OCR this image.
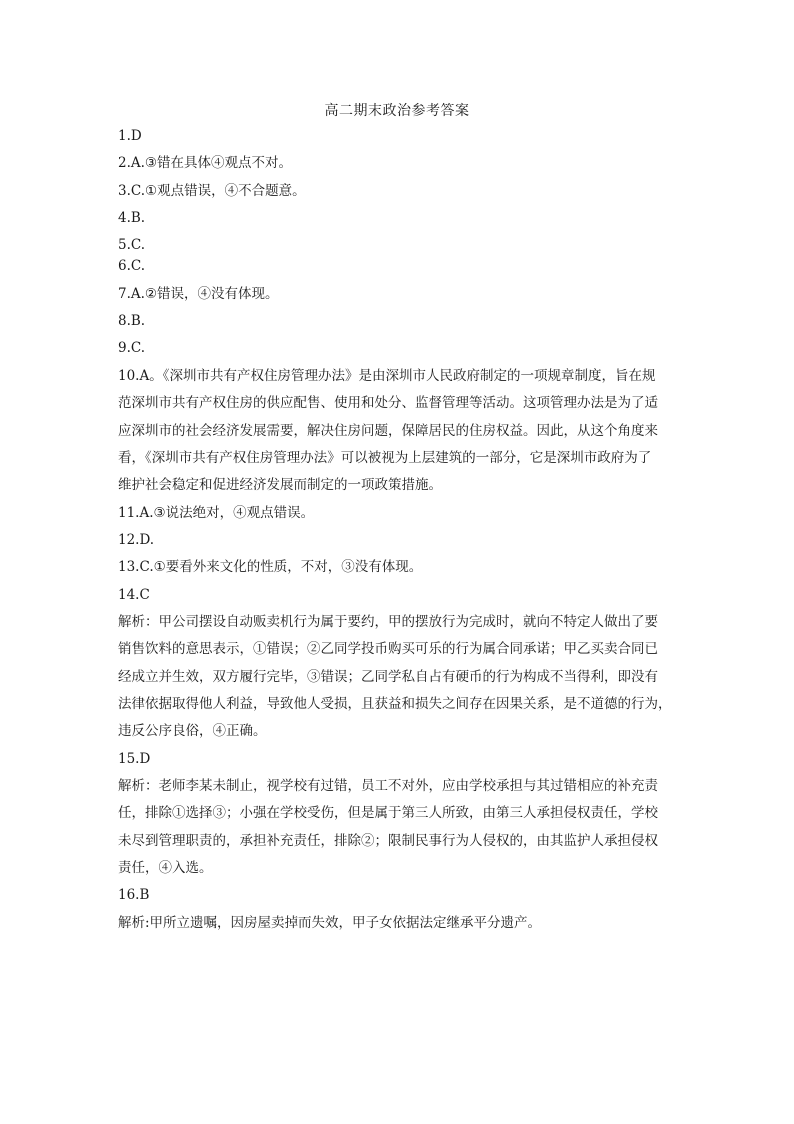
高二期末政治参考答案
1.D
2.A.③错在具体④观点不对。
3.C.①观点错误，④不合题意。
4.B.
5.C.
6.C.
7.A.②错误，④没有体现。
8.B.
9.C.
10.A。《深圳市共有产权住房管理办法》是由深圳市人民政府制定的一项规章制度，旨在规
范深圳市共有产权住房的供应配售、使用和处分、监督管理等活动。这项管理办法是为了适
应深圳市的社会经济发展需要，解决住房问题，保障居民的住房权益。因此，从这个角度来
看，《深圳市共有产权住房管理办法》可以被视为上层建筑的一部分，它是深圳市政府为了
维护社会稳定和促进经济发展而制定的一项政策措施。
11.A.③说法绝对，④观点错误。
12.D.
13.C.①要看外来文化的性质，不对，③没有体现。
14.C
解析：甲公司摆设自动贩卖机行为属于要约，甲的摆放行为完成时，就向不特定人做出了要
销售饮料的意思表示，①错误；②乙同学投币购买可乐的行为属合同承诺；甲乙买卖合同已
经成立并生效，双方履行完毕，③错误；乙同学私自占有硬币的行为构成不当得利，即没有
法律依据取得他人利益，导致他人受损，且获益和损失之间存在因果关系，是不道德的行为，
违反公序良俗，④正确。
15.D
解析：老师李某未制止，视学校有过错，员工不对外，应由学校承担与其过错相应的补充责
任，排除①选择③；小强在学校受伤，但是属于第三人所致，由第三人承担侵权责任，学校
未尽到管理职责的，承担补充责任，排除②；限制民事行为人侵权的，由其监护人承担侵权
责任，④入选。
16.B
解析:甲所立遗嘱，因房屋卖掉而失效，甲子女依据法定继承平分遗产。
